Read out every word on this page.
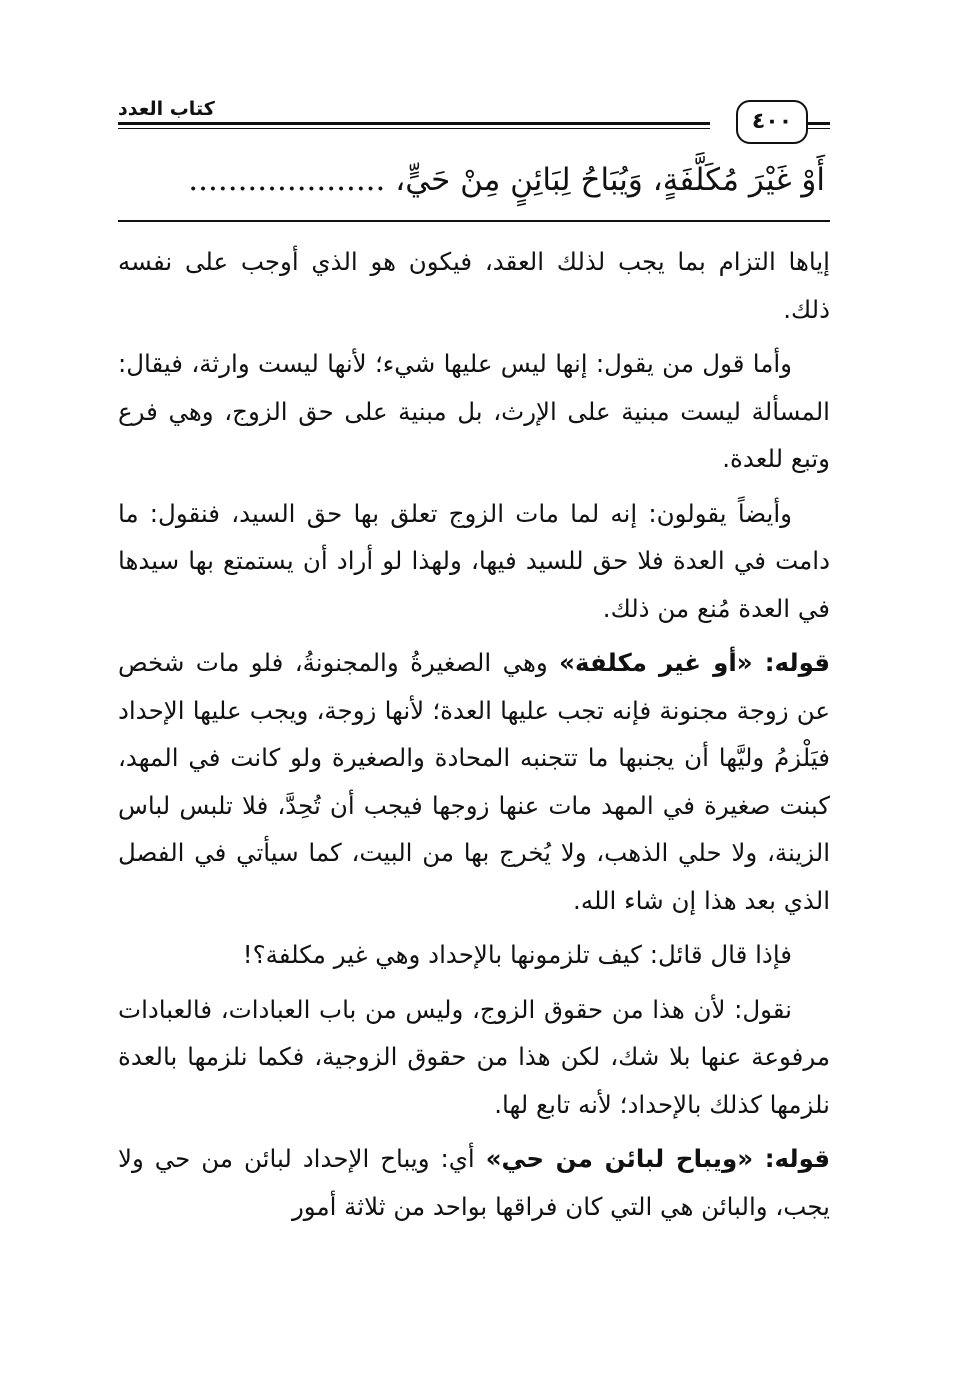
٤٠٠
كتاب العدد
أَوْ غَيْرَ مُكَلَّفَةٍ، وَيُبَاحُ لِبَائِنٍ مِنْ حَيٍّ، ....................

إياها التزام بما يجب لذلك العقد، فيكون هو الذي أوجب على نفسه ذلك.

وأما قول من يقول: إنها ليس عليها شيء؛ لأنها ليست وارثة، فيقال: المسألة ليست مبنية على الإرث، بل مبنية على حق الزوج، وهي فرع وتبع للعدة.

وأيضاً يقولون: إنه لما مات الزوج تعلق بها حق السيد، فنقول: ما دامت في العدة فلا حق للسيد فيها، ولهذا لو أراد أن يستمتع بها سيدها في العدة مُنع من ذلك.

قوله: «أو غير مكلفة» وهي الصغيرةُ والمجنونةُ، فلو مات شخص عن زوجة مجنونة فإنه تجب عليها العدة؛ لأنها زوجة، ويجب عليها الإحداد فيَلْزمُ وليَّها أن يجنبها ما تتجنبه المحادة والصغيرة ولو كانت في المهد، كبنت صغيرة في المهد مات عنها زوجها فيجب أن تُحِدَّ، فلا تلبس لباس الزينة، ولا حلي الذهب، ولا يُخرج بها من البيت، كما سيأتي في الفصل الذي بعد هذا إن شاء الله.

فإذا قال قائل: كيف تلزمونها بالإحداد وهي غير مكلفة؟!

نقول: لأن هذا من حقوق الزوج، وليس من باب العبادات، فالعبادات مرفوعة عنها بلا شك، لكن هذا من حقوق الزوجية، فكما نلزمها بالعدة نلزمها كذلك بالإحداد؛ لأنه تابع لها.

قوله: «ويباح لبائن من حي» أي: ويباح الإحداد لبائن من حي ولا يجب، والبائن هي التي كان فراقها بواحد من ثلاثة أمور
